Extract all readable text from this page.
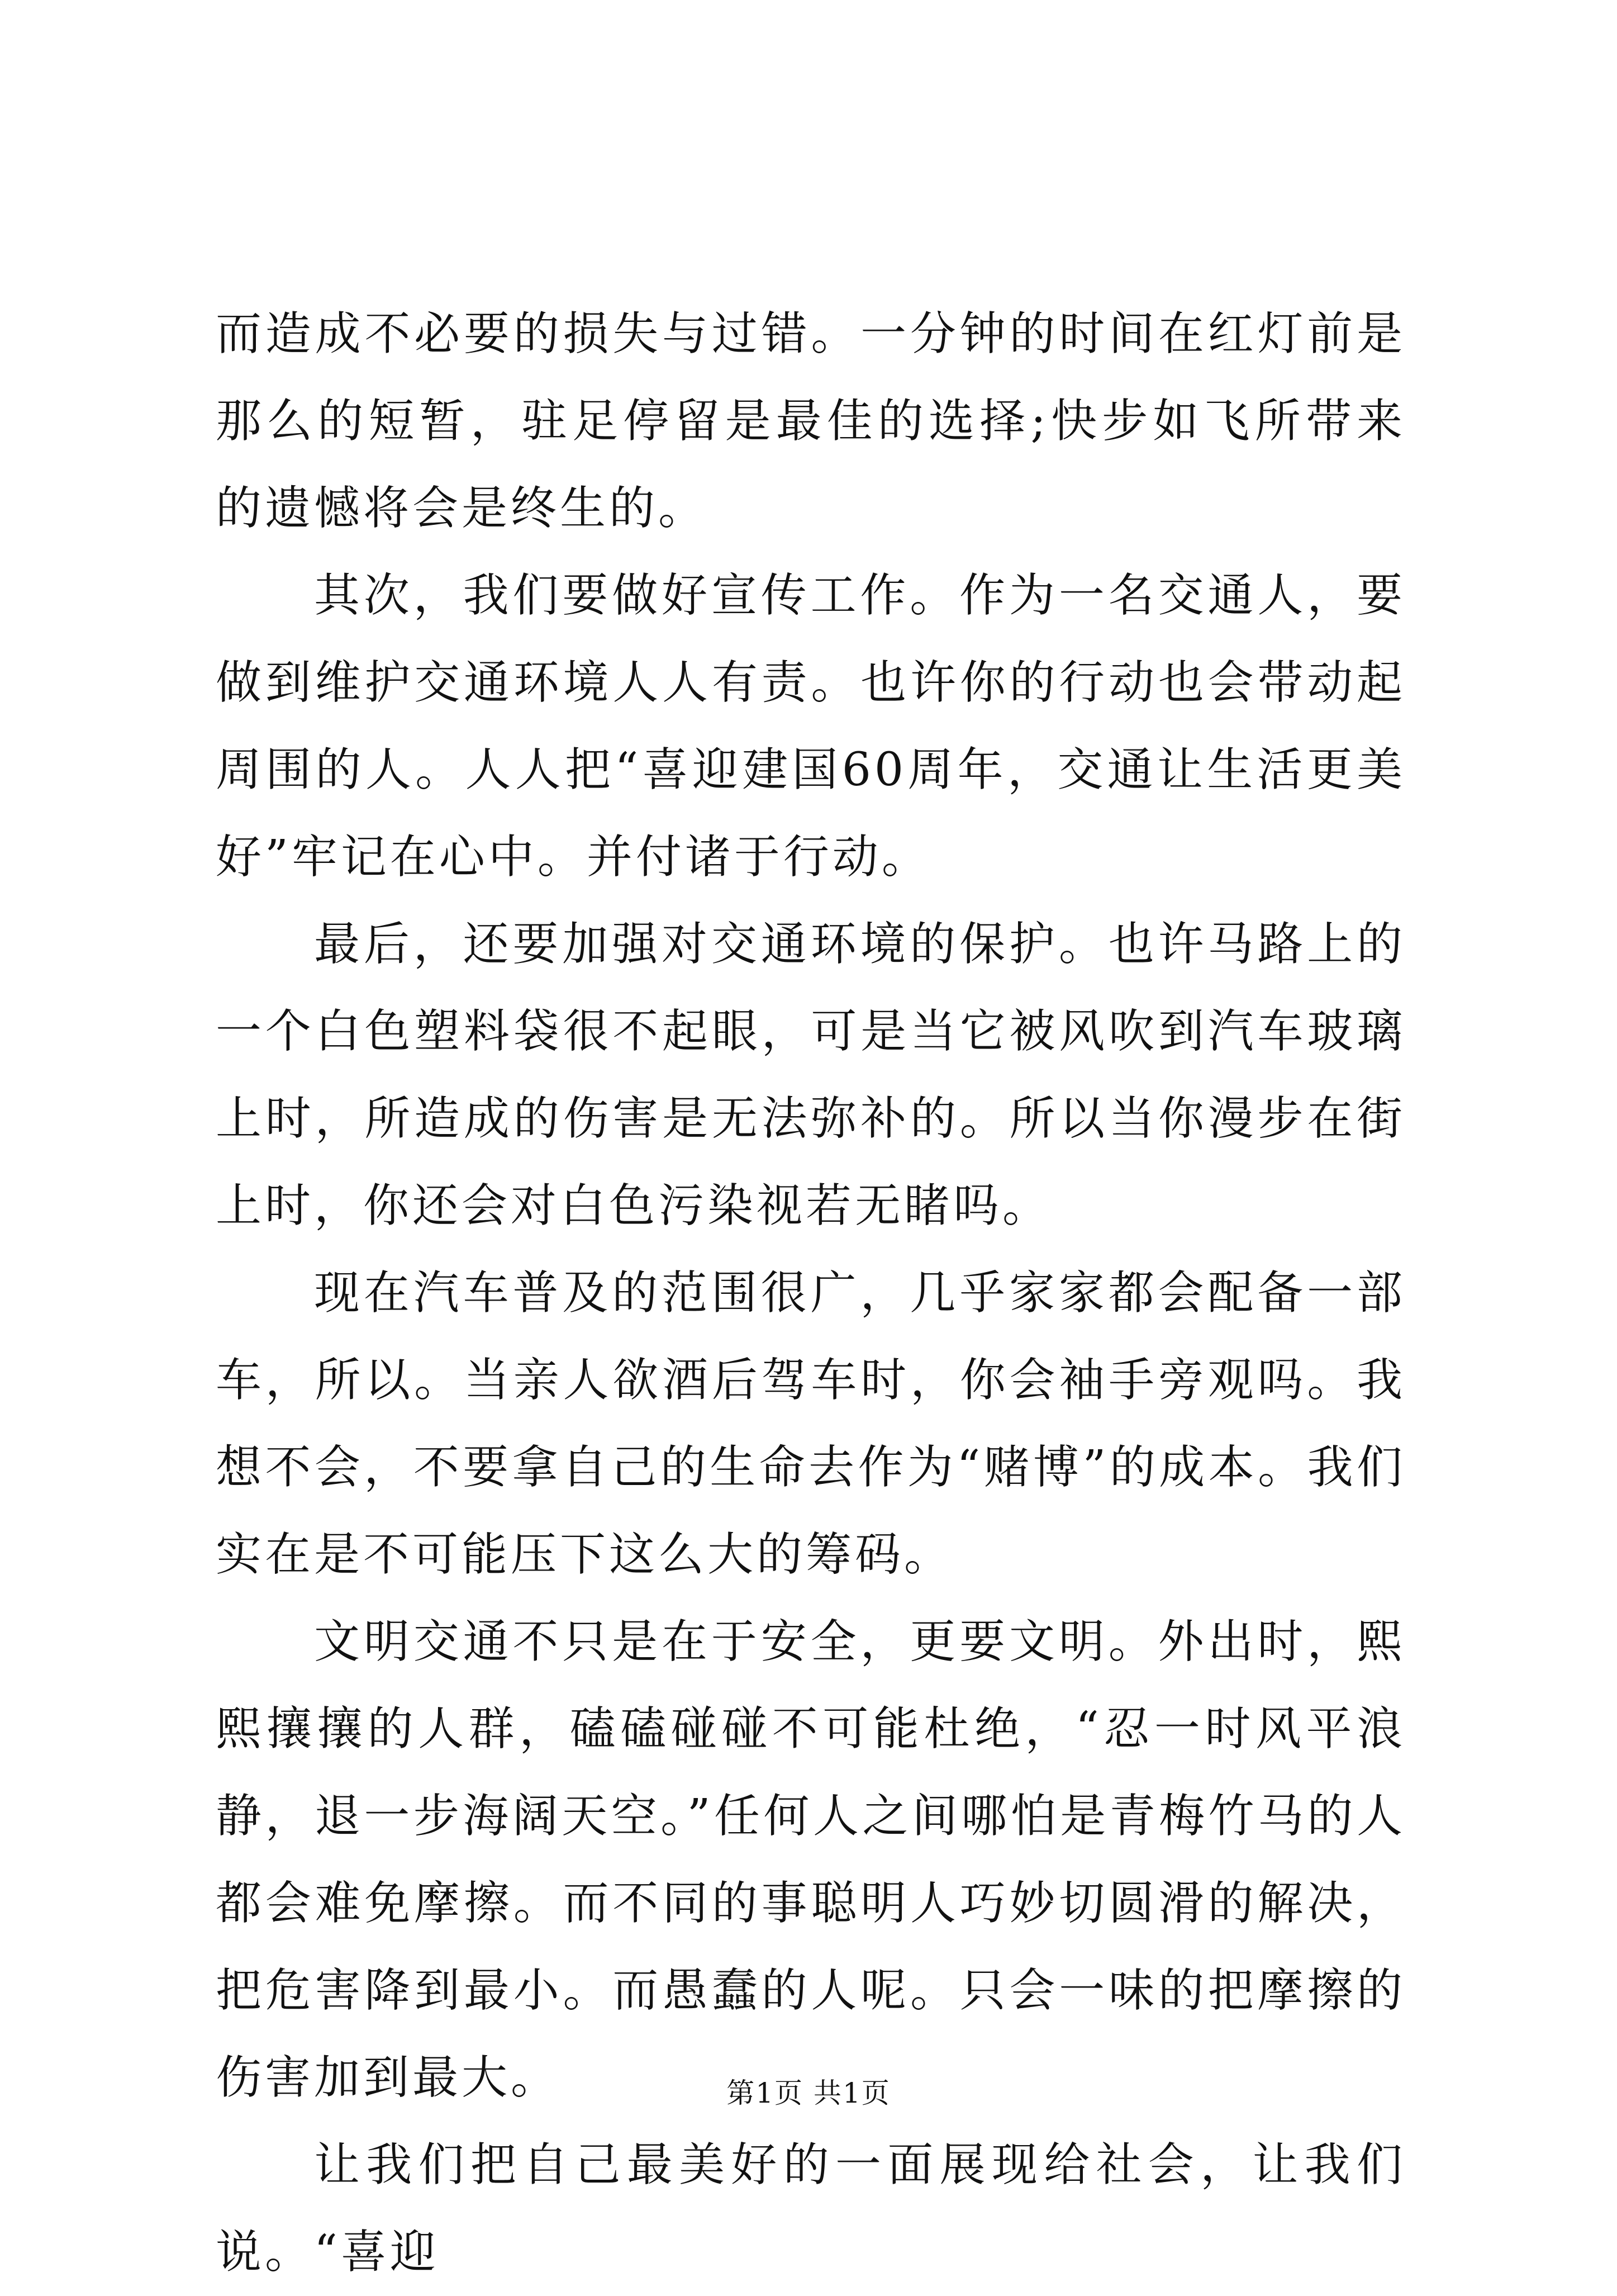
而造成不必要的损失与过错。一分钟的时间在红灯前是那么的短暂，驻足停留是最佳的选择;快步如飞所带来的遗憾将会是终生的。

其次，我们要做好宣传工作。作为一名交通人，要做到维护交通环境人人有责。也许你的行动也会带动起周围的人。人人把“喜迎建国60周年，交通让生活更美好”牢记在心中。并付诸于行动。

最后，还要加强对交通环境的保护。也许马路上的一个白色塑料袋很不起眼，可是当它被风吹到汽车玻璃上时，所造成的伤害是无法弥补的。所以当你漫步在街上时，你还会对白色污染视若无睹吗。

现在汽车普及的范围很广，几乎家家都会配备一部车，所以。当亲人欲酒后驾车时，你会袖手旁观吗。我想不会，不要拿自己的生命去作为“赌博”的成本。我们实在是不可能压下这么大的筹码。

文明交通不只是在于安全，更要文明。外出时，熙熙攘攘的人群，磕磕碰碰不可能杜绝，“忍一时风平浪静，退一步海阔天空。”任何人之间哪怕是青梅竹马的人都会难免摩擦。而不同的事聪明人巧妙切圆滑的解决，把危害降到最小。而愚蠢的人呢。只会一味的把摩擦的伤害加到最大。

让我们把自己最美好的一面展现给社会，让我们说。“喜迎

第1页 共1页
